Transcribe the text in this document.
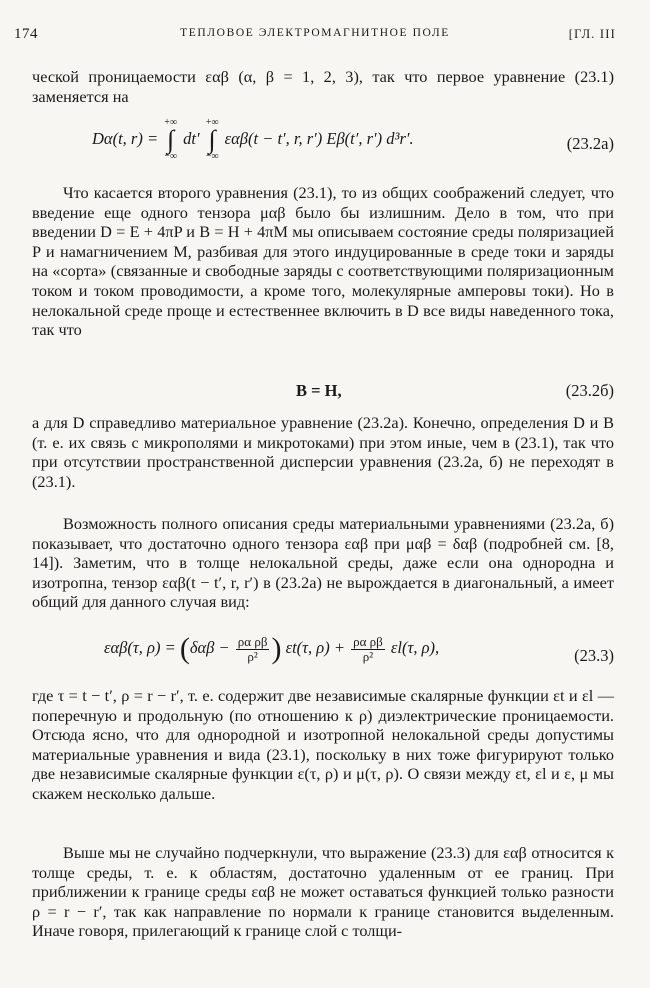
174	ТЕПЛОВОЕ ЭЛЕКТРОМАГНИТНОЕ ПОЛЕ	[ГЛ. III

ческой проницаемости εαβ (α, β = 1, 2, 3), так что первое уравнение (23.1) заменяется на

Dα(t, r) =
+∞
∫
−∞
dt′
+∞
∫
−∞
εαβ(t − t′, r, r′) Eβ(t′, r′) d³r′.	(23.2а)

Что касается второго уравнения (23.1), то из общих соображений следует, что введение еще одного тензора μαβ было бы излишним. Дело в том, что при введении D = E + 4πP и B = H + 4πM мы описываем состояние среды поляризацией P и намагничением M, разбивая для этого индуцированные в среде токи и заряды на «сорта» (связанные и свободные заряды с соответствующими поляризационным током и током проводимости, а кроме того, молекулярные амперовы токи). Но в нелокальной среде проще и естественнее включить в D все виды наведенного тока, так что

B = H,	(23.2б)

а для D справедливо материальное уравнение (23.2а). Конечно, определения D и B (т. е. их связь с микрополями и микротоками) при этом иные, чем в (23.1), так что при отсутствии пространственной дисперсии уравнения (23.2а, б) не переходят в (23.1).

Возможность полного описания среды материальными уравнениями (23.2а, б) показывает, что достаточно одного тензора εαβ при μαβ = δαβ (подробней см. [8, 14]). Заметим, что в толще нелокальной среды, даже если она однородна и изотропна, тензор εαβ(t − t′, r, r′) в (23.2а) не вырождается в диагональный, а имеет общий для данного случая вид:

εαβ(τ, $\rho) = (\delta\alpha\beta - \frac{\text{ρα ρβ}}{\text{ρ²}}$ ) εt(τ, $\rho) + \frac{\text{ρα ρβ}}{\text{ρ²}} \varepsilon l(\tau$, ρ),	(23.3)

где τ = t − t′, ρ = r − r′, т. е. содержит две независимые скалярные функции εt и εl — поперечную и продольную (по отношению к ρ) диэлектрические проницаемости. Отсюда ясно, что для однородной и изотропной нелокальной среды допустимы материальные уравнения и вида (23.1), поскольку в них тоже фигурируют только две независимые скалярные функции ε(τ, ρ) и μ(τ, ρ). О связи между εt, εl и ε, μ мы скажем несколько дальше.

Выше мы не случайно подчеркнули, что выражение (23.3) для εαβ относится к толще среды, т. е. к областям, достаточно удаленным от ее границ. При приближении к границе среды εαβ не может оставаться функцией только разности ρ = r − r′, так как направление по нормали к границе становится выделенным. Иначе говоря, прилегающий к границе слой с толщи-
